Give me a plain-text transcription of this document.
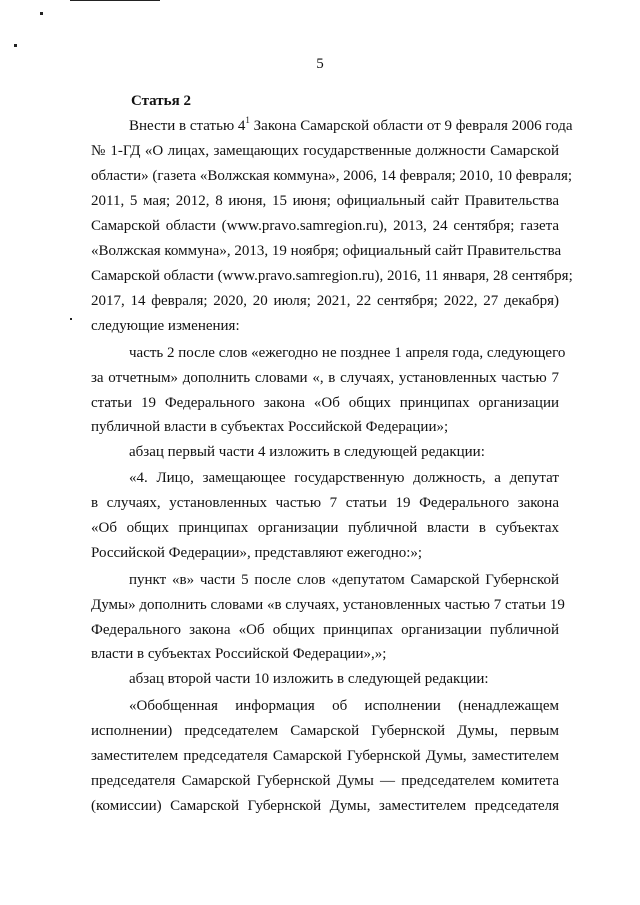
5
Статья 2
Внести в статью $4^1$ Закона Самарской области от 9 февраля 2006 года
№ 1-ГД «О лицах, замещающих государственные должности Самарской
области» (газета «Волжская коммуна», 2006, 14 февраля; 2010, 10 февраля;
2011, 5 мая; 2012, 8 июня, 15 июня; официальный сайт Правительства
Самарской области (www.pravo.samregion.ru), 2013, 24 сентября; газета
«Волжская коммуна», 2013, 19 ноября; официальный сайт Правительства
Самарской области (www.pravo.samregion.ru), 2016, 11 января, 28 сентября;
2017, 14 февраля; 2020, 20 июля; 2021, 22 сентября; 2022, 27 декабря)
следующие изменения:
часть 2 после слов «ежегодно не позднее 1 апреля года, следующего
за отчетным» дополнить словами «, в случаях, установленных частью 7
статьи 19 Федерального закона «Об общих принципах организации
публичной власти в субъектах Российской Федерации»;
абзац первый части 4 изложить в следующей редакции:
«4. Лицо, замещающее государственную должность, а депутат
в случаях, установленных частью 7 статьи 19 Федерального закона
«Об общих принципах организации публичной власти в субъектах
Российской Федерации», представляют ежегодно:»;
пункт «в» части 5 после слов «депутатом Самарской Губернской
Думы» дополнить словами «в случаях, установленных частью 7 статьи 19
Федерального закона «Об общих принципах организации публичной
власти в субъектах Российской Федерации»,»;
абзац второй части 10 изложить в следующей редакции:
«Обобщенная информация об исполнении (ненадлежащем
исполнении) председателем Самарской Губернской Думы, первым
заместителем председателя Самарской Губернской Думы, заместителем
председателя Самарской Губернской Думы — председателем комитета
(комиссии) Самарской Губернской Думы, заместителем председателя
